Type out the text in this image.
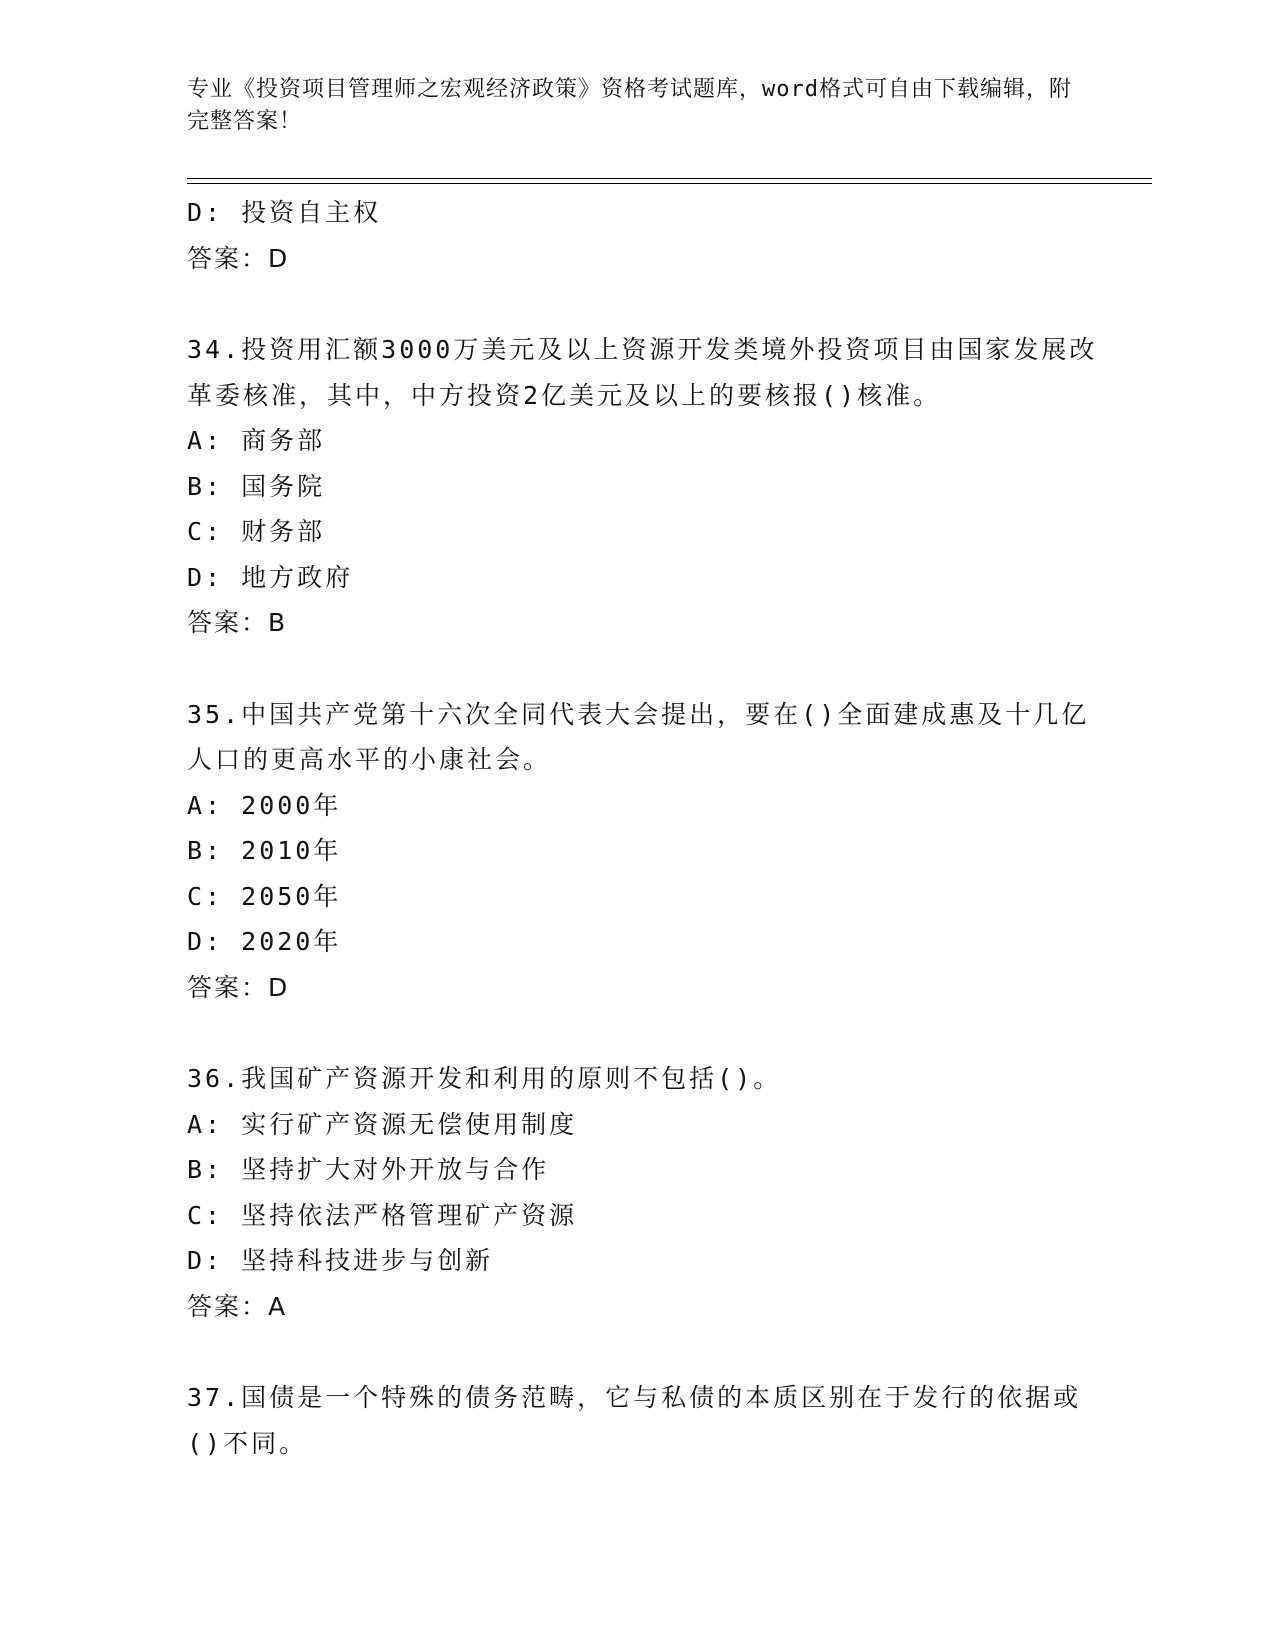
专业《投资项目管理师之宏观经济政策》资格考试题库，word格式可自由下载编辑，附完整答案！
D: 投资自主权
答案：D
34.投资用汇额3000万美元及以上资源开发类境外投资项目由国家发展改革委核准，其中，中方投资2亿美元及以上的要核报()核准。
A: 商务部
B: 国务院
C: 财务部
D: 地方政府
答案：B
35.中国共产党第十六次全同代表大会提出，要在()全面建成惠及十几亿人口的更高水平的小康社会。
A: 2000年
B: 2010年
C: 2050年
D: 2020年
答案：D
36.我国矿产资源开发和利用的原则不包括()。
A: 实行矿产资源无偿使用制度
B: 坚持扩大对外开放与合作
C: 坚持依法严格管理矿产资源
D: 坚持科技进步与创新
答案：A
37.国债是一个特殊的债务范畴，它与私债的本质区别在于发行的依据或()不同。
